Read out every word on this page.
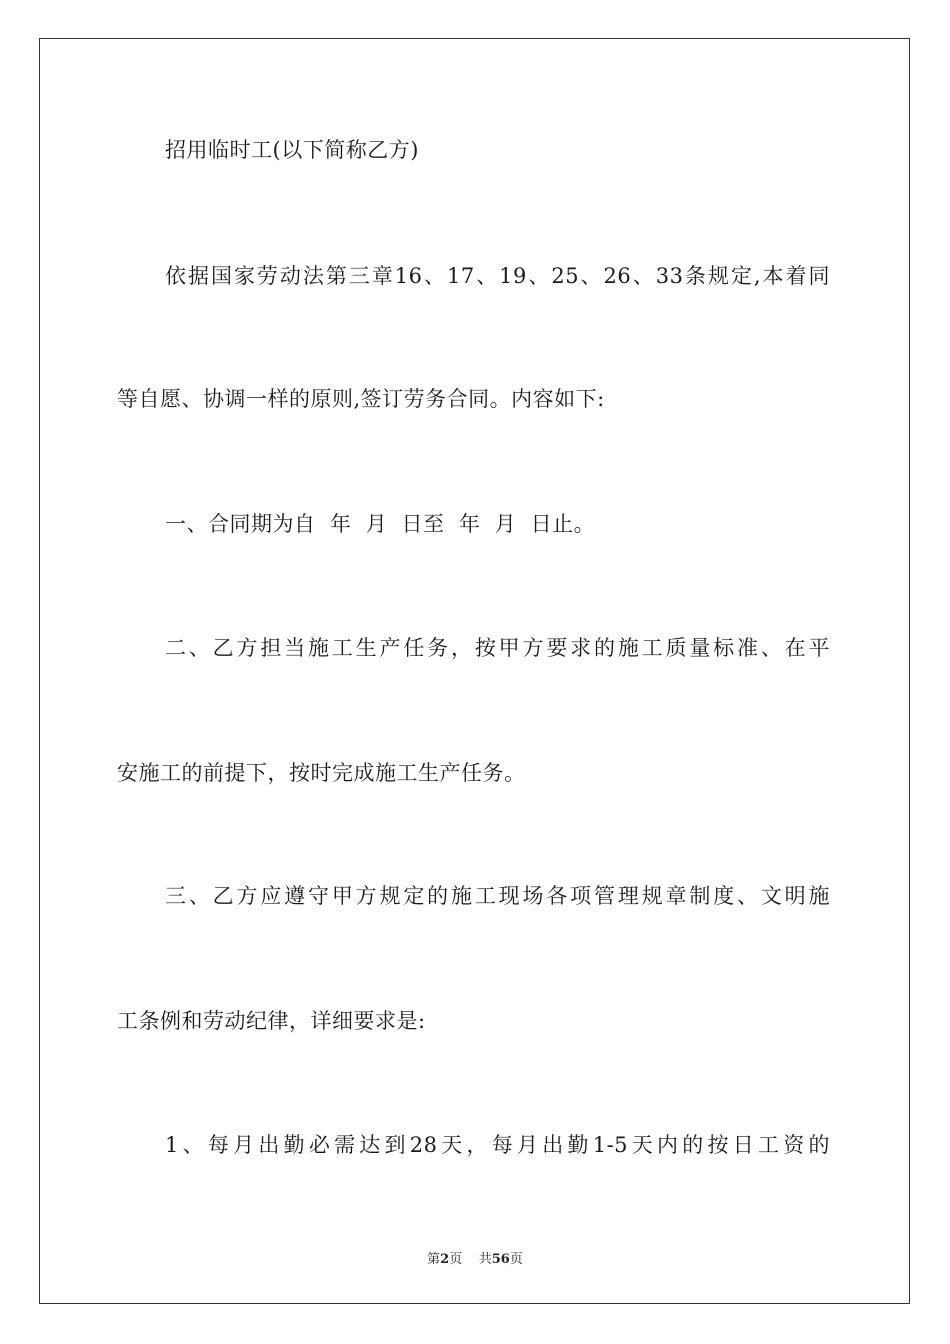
招用临时工(以下简称乙方)
依据国家劳动法第三章16、17、19、25、26、33条规定,本着同
等自愿、协调一样的原则,签订劳务合同。内容如下:
一、合同期为自  年  月  日至  年  月  日止。
二、乙方担当施工生产任务，按甲方要求的施工质量标准、在平
安施工的前提下，按时完成施工生产任务。
三、乙方应遵守甲方规定的施工现场各项管理规章制度、文明施
工条例和劳动纪律，详细要求是:
1、每月出勤必需达到28天，每月出勤1-5天内的按日工资的
第2页 共56页
